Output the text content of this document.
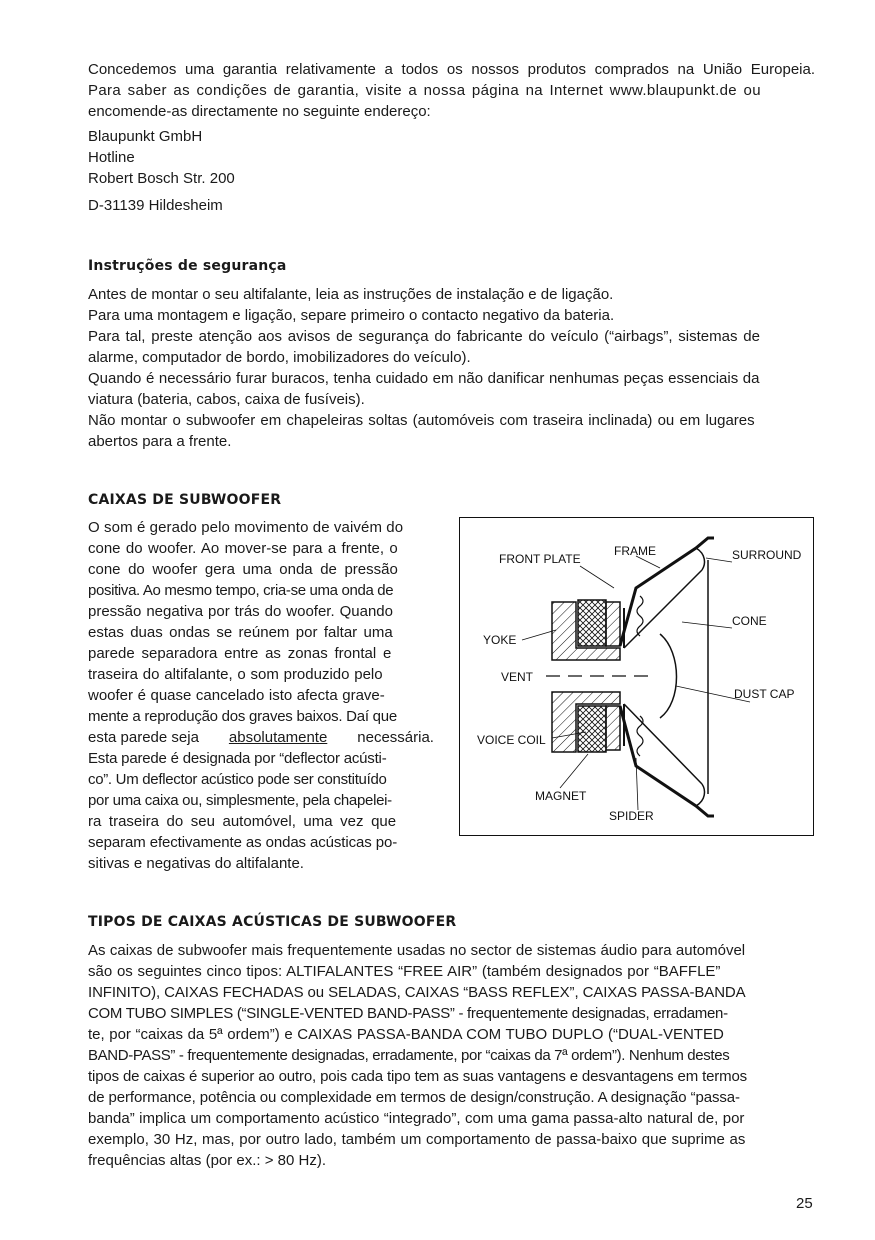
Concedemos uma garantia relativamente a todos os nossos produtos comprados na União Europeia.
Para saber as condições de garantia, visite a nossa página na Internet www.blaupunkt.de ou
encomende-as directamente no seguinte endereço:
Blaupunkt GmbH
Hotline
Robert Bosch Str. 200
D-31139 Hildesheim
Instruções de segurança
Antes de montar o seu altifalante, leia as instruções de instalação e de ligação.
Para uma montagem e ligação, separe primeiro o contacto negativo da bateria.
Para tal, preste atenção aos avisos de segurança do fabricante do veículo (“airbags”, sistemas de
alarme, computador de bordo, imobilizadores do veículo).
Quando é necessário furar buracos, tenha cuidado em não danificar nenhumas peças essenciais da
viatura (bateria, cabos, caixa de fusíveis).
Não montar o subwoofer em chapeleiras soltas (automóveis com traseira inclinada) ou em lugares
abertos para a frente.
CAIXAS DE SUBWOOFER
O som é gerado pelo movimento de vaivém do
cone do woofer. Ao mover-se para a frente, o
cone do woofer gera uma onda de pressão
positiva. Ao mesmo tempo, cria-se uma onda de
pressão negativa por trás do woofer. Quando
estas duas ondas se reúnem por faltar uma
parede separadora entre as zonas frontal e
traseira do altifalante, o som produzido pelo
woofer é quase cancelado isto afecta grave-
mente a reprodução dos graves baixos. Daí que
esta parede seja absolutamente necessária.
Esta parede é designada por “deflector acústi-
co”. Um deflector acústico pode ser constituído
por uma caixa ou, simplesmente, pela chapelei-
ra traseira do seu automóvel, uma vez que
separam efectivamente as ondas acústicas po-
sitivas e negativas do altifalante.
FRONT PLATE
FRAME	SURROUND
CONE
YOKE
VENT
DUST CAP
VOICE COIL
MAGNET
SPIDER
TIPOS DE CAIXAS ACÚSTICAS DE SUBWOOFER
As caixas de subwoofer mais frequentemente usadas no sector de sistemas áudio para automóvel
são os seguintes cinco tipos: ALTIFALANTES “FREE AIR” (também designados por “BAFFLE”
INFINITO), CAIXAS FECHADAS ou SELADAS, CAIXAS “BASS REFLEX”, CAIXAS PASSA-BANDA
COM TUBO SIMPLES (“SINGLE-VENTED BAND-PASS” - frequentemente designadas, erradamen-
te, por “caixas da 5ª ordem”) e CAIXAS PASSA-BANDA COM TUBO DUPLO (“DUAL-VENTED
BAND-PASS” - frequentemente designadas, erradamente, por “caixas da 7ª ordem”). Nenhum destes
tipos de caixas é superior ao outro, pois cada tipo tem as suas vantagens e desvantagens em termos
de performance, potência ou complexidade em termos de design/construção. A designação “passa-
banda” implica um comportamento acústico “integrado”, com uma gama passa-alto natural de, por
exemplo, 30 Hz, mas, por outro lado, também um comportamento de passa-baixo que suprime as
frequências altas (por ex.: > 80 Hz).
25
